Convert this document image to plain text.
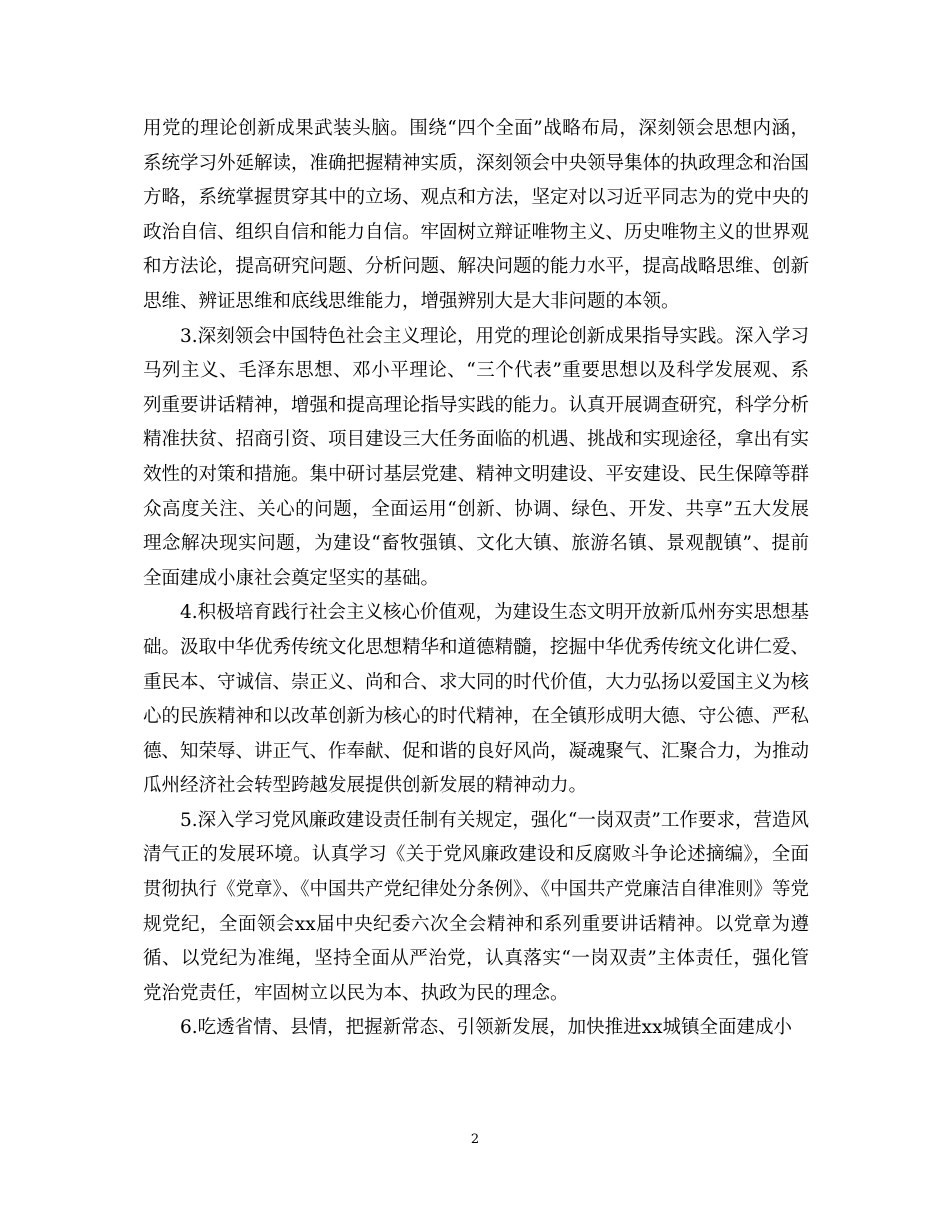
用党的理论创新成果武装头脑。围绕“四个全面”战略布局，深刻领会思想内涵，系统学习外延解读，准确把握精神实质，深刻领会中央领导集体的执政理念和治国方略，系统掌握贯穿其中的立场、观点和方法，坚定对以习近平同志为的党中央的政治自信、组织自信和能力自信。牢固树立辩证唯物主义、历史唯物主义的世界观和方法论，提高研究问题、分析问题、解决问题的能力水平，提高战略思维、创新思维、辨证思维和底线思维能力，增强辨别大是大非问题的本领。

3.深刻领会中国特色社会主义理论，用党的理论创新成果指导实践。深入学习马列主义、毛泽东思想、邓小平理论、“三个代表”重要思想以及科学发展观、系列重要讲话精神，增强和提高理论指导实践的能力。认真开展调查研究，科学分析精准扶贫、招商引资、项目建设三大任务面临的机遇、挑战和实现途径，拿出有实效性的对策和措施。集中研讨基层党建、精神文明建设、平安建设、民生保障等群众高度关注、关心的问题，全面运用“创新、协调、绿色、开发、共享”五大发展理念解决现实问题，为建设“畜牧强镇、文化大镇、旅游名镇、景观靓镇”、提前全面建成小康社会奠定坚实的基础。

4.积极培育践行社会主义核心价值观，为建设生态文明开放新瓜州夯实思想基础。汲取中华优秀传统文化思想精华和道德精髓，挖掘中华优秀传统文化讲仁爱、重民本、守诚信、崇正义、尚和合、求大同的时代价值，大力弘扬以爱国主义为核心的民族精神和以改革创新为核心的时代精神，在全镇形成明大德、守公德、严私德、知荣辱、讲正气、作奉献、促和谐的良好风尚，凝魂聚气、汇聚合力，为推动瓜州经济社会转型跨越发展提供创新发展的精神动力。

5.深入学习党风廉政建设责任制有关规定，强化“一岗双责”工作要求，营造风清气正的发展环境。认真学习《关于党风廉政建设和反腐败斗争论述摘编》，全面贯彻执行《党章》、《中国共产党纪律处分条例》、《中国共产党廉洁自律准则》等党规党纪，全面领会xx届中央纪委六次全会精神和系列重要讲话精神。以党章为遵循、以党纪为准绳，坚持全面从严治党，认真落实“一岗双责”主体责任，强化管党治党责任，牢固树立以民为本、执政为民的理念。

6.吃透省情、县情，把握新常态、引领新发展，加快推进xx城镇全面建成小

2
